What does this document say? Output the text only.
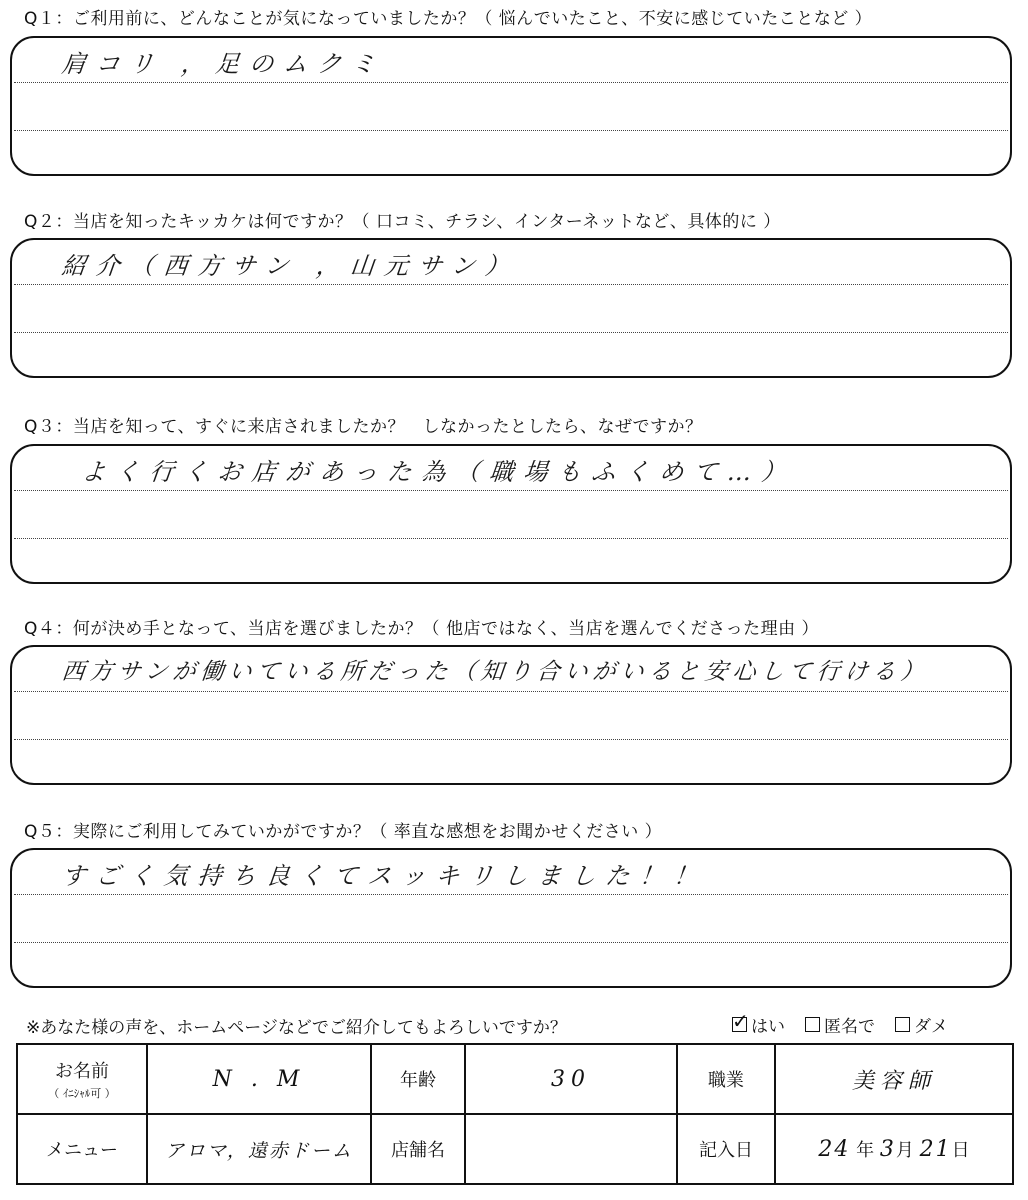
Q１：ご利用前に、どんなことが気になっていましたか？（ 悩んでいたこと、不安に感じていたことなど ）
肩コリ ，足のムクミ
Q２：当店を知ったキッカケは何ですか？（ 口コミ、チラシ、インターネットなど、具体的に ）
紹介（西方サン ，山元サン）
Q３：当店を知って、すぐに来店されましたか？　しなかったとしたら、なぜですか？
よく行くお店があった為（職場もふくめて…）
Q４：何が決め手となって、当店を選びましたか？（ 他店ではなく、当店を選んでくださった理由 ）
西方サンが働いている所だった（知り合いがいると安心して行ける）
Q５：実際にご利用してみていかがですか？（ 率直な感想をお聞かせください ）
すごく気持ち良くてスッキリしました！！
※あなた様の声を、ホームページなどでご紹介してもよろしいですか？ ✓	はい 匿名で ダメ
お名前
（ ｲﾆｼｬﾙ可 ）	N . M	年齢	30	職業	美容師
メニュー	アロマ，遠赤ドーム	店舗名		記入日	24 年 3月 21日
